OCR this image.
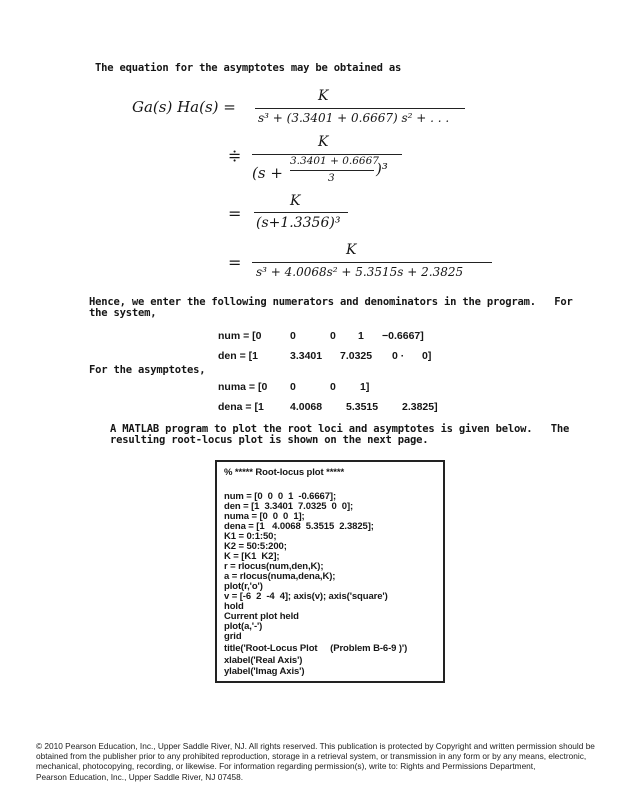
The equation for the asymptotes may be obtained as
Ga(s) Ha(s) =
K
s³ + (3.3401 + 0.6667) s² + . . .
≑
K
(s +
3.3401 + 0.6667
3	)³
=
K
(s+1.3356)³
=
K
s³ + 4.0068s² + 5.3515s + 2.3825
Hence, we enter the following numerators and denominators in the program.   For
the system,
num = [0	0	0	1	−0.6667]
den = [1	3.3401	7.0325	0 ·	0]
For the asymptotes,
numa = [0	0	0	1]
dena = [1	4.0068	5.3515	2.3825]
A MATLAB program to plot the root loci and asymptotes is given below.   The
resulting root-locus plot is shown on the next page.
% ***** Root-locus plot *****
num = [0  0  0  1  -0.6667];
den = [1  3.3401  7.0325  0  0];
numa = [0  0  0  1];
dena = [1   4.0068  5.3515  2.3825];
K1 = 0:1:50;
K2 = 50:5:200;
K = [K1  K2];
r = rlocus(num,den,K);
a = rlocus(numa,dena,K);
plot(r,'o')
v = [-6  2  -4  4]; axis(v); axis('square')
hold
Current plot held
plot(a,'-')
grid
title('Root-Locus Plot     (Problem B-6-9 )')
xlabel('Real Axis')
ylabel('Imag Axis')
© 2010 Pearson Education, Inc., Upper Saddle River, NJ. All rights reserved. This publication is protected by Copyright and written permission should be
obtained from the publisher prior to any prohibited reproduction, storage in a retrieval system, or transmission in any form or by any means, electronic,
mechanical, photocopying, recording, or likewise. For information regarding permission(s), write to: Rights and Permissions Department,
Pearson Education, Inc., Upper Saddle River, NJ 07458.
